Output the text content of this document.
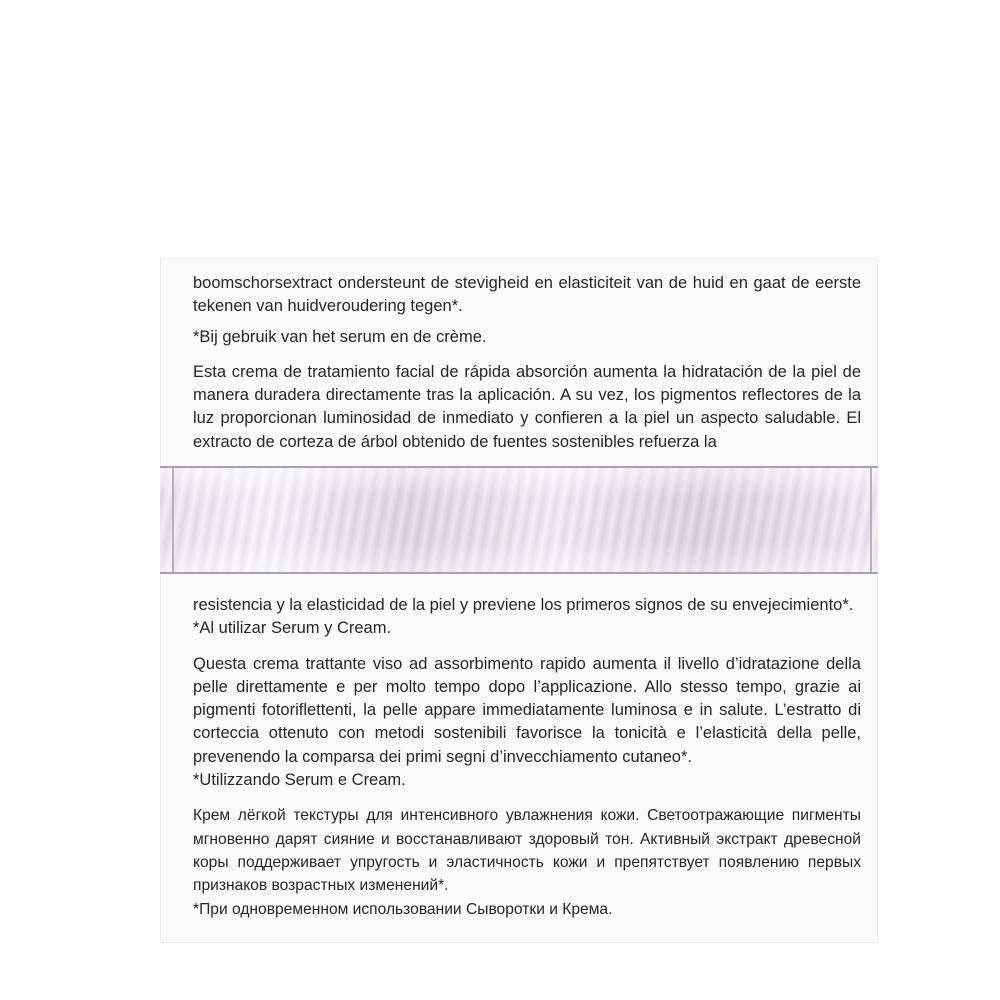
boomschorsextract ondersteunt de stevigheid en elasticiteit van de huid en gaat de eerste tekenen van huidveroudering tegen*.

*Bij gebruik van het serum en de crème.

Esta crema de tratamiento facial de rápida absorción aumenta la hidratación de la piel de manera duradera directamente tras la aplicación. A su vez, los pigmentos reflectores de la luz proporcionan luminosidad de inmediato y confieren a la piel un aspecto saludable. El extracto de corteza de árbol obtenido de fuentes sostenibles refuerza la

resistencia y la elasticidad de la piel y previene los primeros signos de su envejecimiento*.

*Al utilizar Serum y Cream.

Questa crema trattante viso ad assorbimento rapido aumenta il livello d’idratazione della pelle direttamente e per molto tempo dopo l’applicazione. Allo stesso tempo, grazie ai pigmenti fotoriflettenti, la pelle appare immediatamente luminosa e in salute. L’estratto di corteccia ottenuto con metodi sostenibili favorisce la tonicità e l’elasticità della pelle, prevenendo la comparsa dei primi segni d’invecchiamento cutaneo*.

*Utilizzando Serum e Cream.

Крем лёгкой текстуры для интенсивного увлажнения кожи. Светоотражающие пигменты мгновенно дарят сияние и восстанавливают здоровый тон. Активный экстракт древесной коры поддерживает упругость и эластичность кожи и препятствует появлению первых признаков возрастных изменений*.

*При одновременном использовании Сыворотки и Крема.
